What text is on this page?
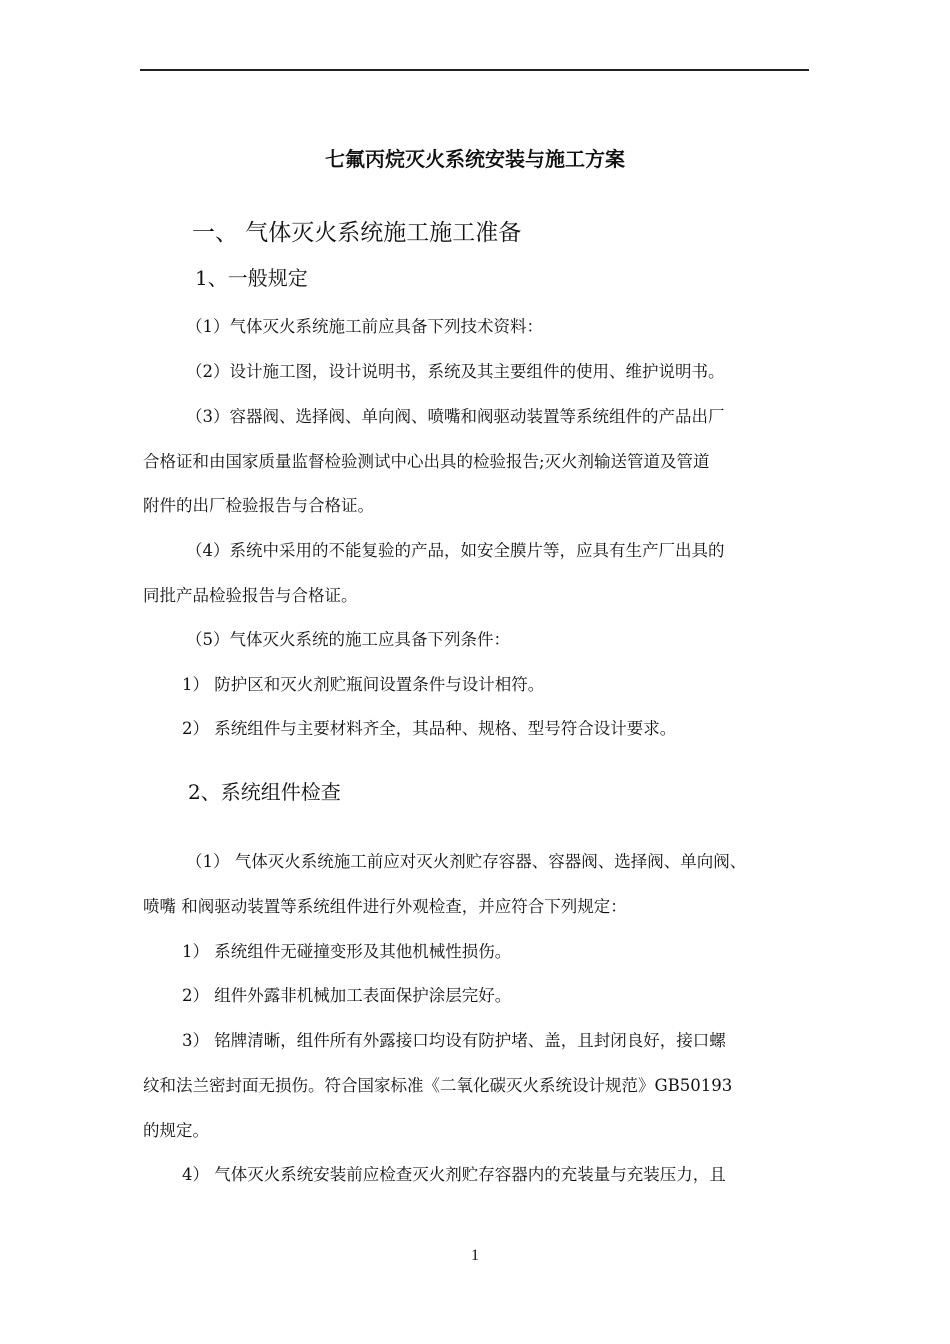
七氟丙烷灭火系统安装与施工方案
一、 气体灭火系统施工施工准备
1、一般规定
（1）气体灭火系统施工前应具备下列技术资料：
（2）设计施工图，设计说明书，系统及其主要组件的使用、维护说明书。
（3）容器阀、选择阀、单向阀、喷嘴和阀驱动装置等系统组件的产品出厂
合格证和由国家质量监督检验测试中心出具的检验报告;灭火剂输送管道及管道
附件的出厂检验报告与合格证。
（4）系统中采用的不能复验的产品，如安全膜片等，应具有生产厂出具的
同批产品检验报告与合格证。
（5）气体灭火系统的施工应具备下列条件：
1） 防护区和灭火剂贮瓶间设置条件与设计相符。
2） 系统组件与主要材料齐全，其品种、规格、型号符合设计要求。
2、系统组件检查
（1） 气体灭火系统施工前应对灭火剂贮存容器、容器阀、选择阀、单向阀、
喷嘴 和阀驱动装置等系统组件进行外观检查，并应符合下列规定：
1） 系统组件无碰撞变形及其他机械性损伤。
2） 组件外露非机械加工表面保护涂层完好。
3） 铭牌清晰，组件所有外露接口均设有防护堵、盖，且封闭良好，接口螺
纹和法兰密封面无损伤。符合国家标准《二氧化碳灭火系统设计规范》GB50193
的规定。
4） 气体灭火系统安装前应检查灭火剂贮存容器内的充装量与充装压力，且
1
